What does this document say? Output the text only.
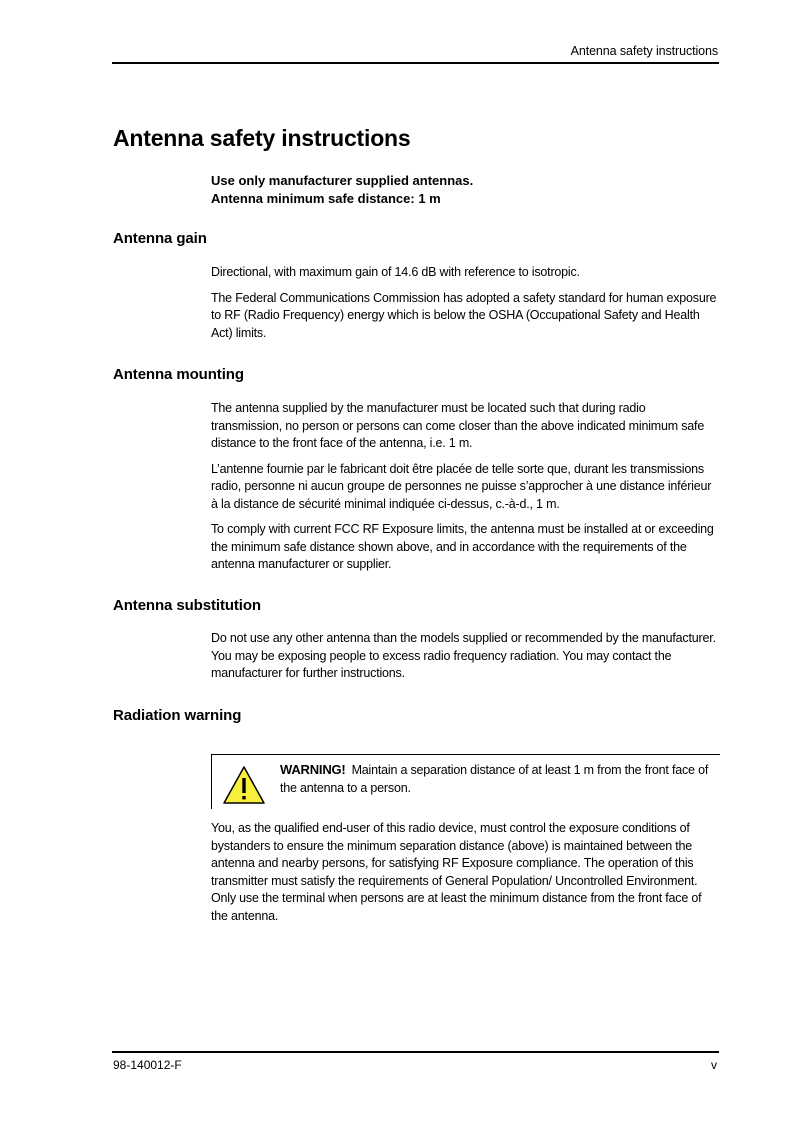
Antenna safety instructions
Antenna safety instructions
Use only manufacturer supplied antennas.
Antenna minimum safe distance: 1 m
Antenna gain

Directional, with maximum gain of 14.6 dB with reference to isotropic.

The Federal Communications Commission has adopted a safety standard for human exposure to RF (Radio Frequency) energy which is below the OSHA (Occupational Safety and Health Act) limits.

Antenna mounting

The antenna supplied by the manufacturer must be located such that during radio transmission, no person or persons can come closer than the above indicated minimum safe distance to the front face of the antenna, i.e. 1 m.

L’antenne fournie par le fabricant doit être placée de telle sorte que, durant les transmissions radio, personne ni aucun groupe de personnes ne puisse s’approcher à une distance inférieur à la distance de sécurité minimal indiquée ci-dessus, c.-à-d., 1 m.

To comply with current FCC RF Exposure limits, the antenna must be installed at or exceeding the minimum safe distance shown above, and in accordance with the requirements of the antenna manufacturer or supplier.

Antenna substitution

Do not use any other antenna than the models supplied or recommended by the manufacturer. You may be exposing people to excess radio frequency radiation. You may contact the manufacturer for further instructions.

Radiation warning
WARNING! Maintain a separation distance of at least 1 m from the front face of the antenna to a person.

You, as the qualified end-user of this radio device, must control the exposure conditions of bystanders to ensure the minimum separation distance (above) is maintained between the antenna and nearby persons, for satisfying RF Exposure compliance. The operation of this transmitter must satisfy the requirements of General Population/ Uncontrolled Environment. Only use the terminal when persons are at least the minimum distance from the front face of the antenna.

98-140012-F	v
